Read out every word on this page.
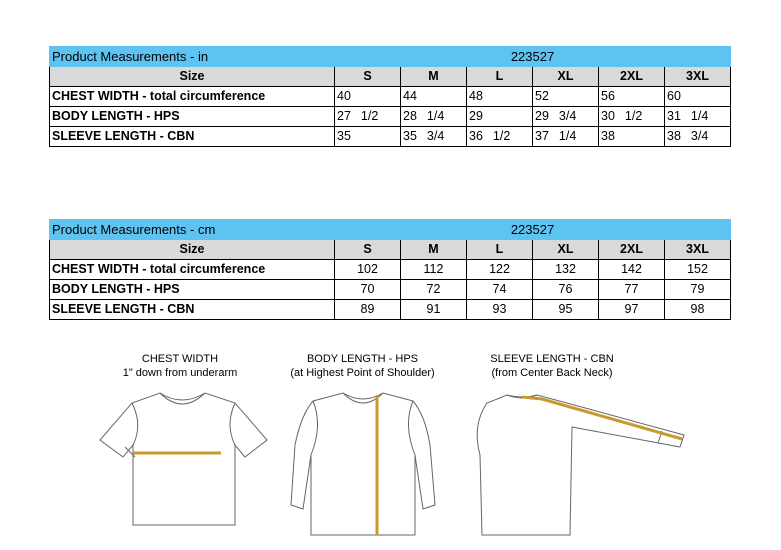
Product Measurements - in	223527					
Size	S	M	L	XL	2XL	3XL
CHEST WIDTH - total circumference	40	44	48	52	56	60
BODY LENGTH - HPS	27 1/2	28 1/4	29	29 3/4	30 1/2	31 1/4
SLEEVE LENGTH - CBN	35	35 3/4	36 1/2	37 1/4	38	38 3/4
Product Measurements - cm	223527					
Size	S	M	L	XL	2XL	3XL
CHEST WIDTH - total circumference	102	112	122	132	142	152
BODY LENGTH - HPS	70	72	74	76	77	79
SLEEVE LENGTH - CBN	89	91	93	95	97	98
CHEST WIDTH
1" down from underarm
BODY LENGTH - HPS
(at Highest Point of Shoulder)
SLEEVE LENGTH - CBN
(from Center Back Neck)
